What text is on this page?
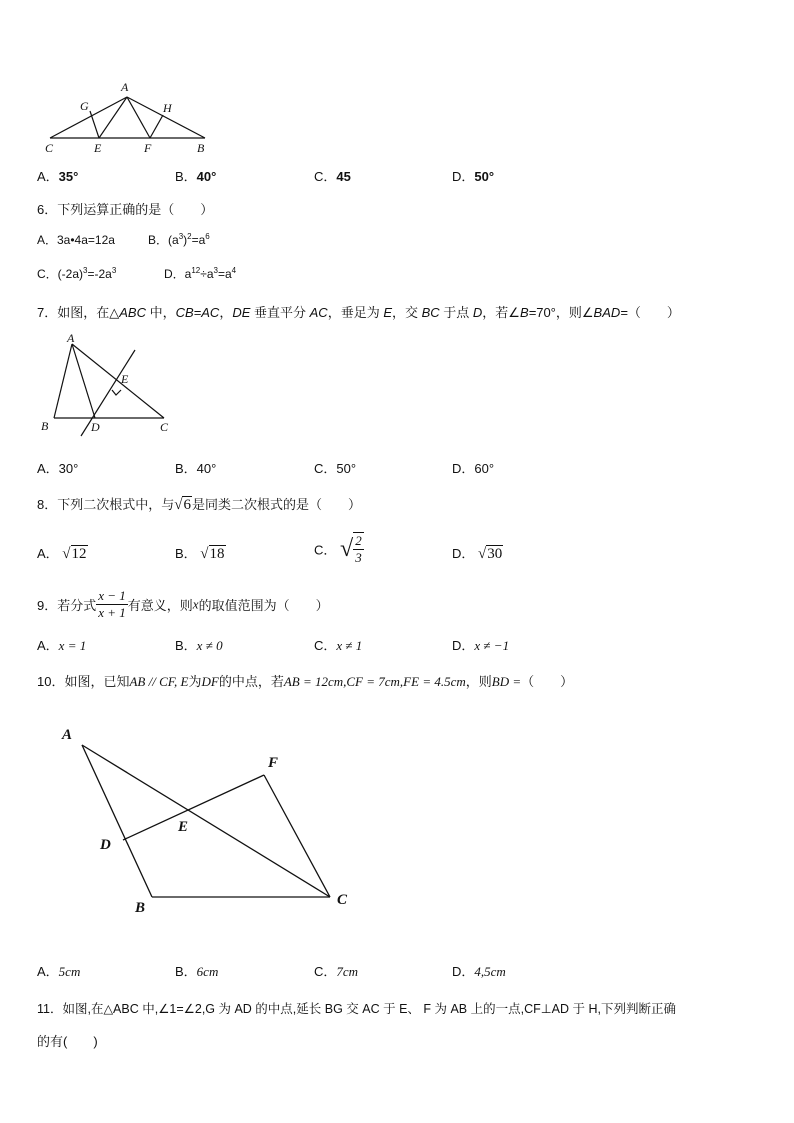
A
G	H
C	E	F	B
A．35°	B．40°	C．45	D．50°
6．下列运算正确的是（　　）
A．3a•4a=12a	B．$(a^3)^2=a^6$
C．$(-2a)^3=-2a^3$	D．$a^{12}\div a^3=a^4$
7．如图，在△ABC 中，CB=AC，DE 垂直平分 AC，垂足为 E，交 BC 于点 D，若∠B=70°，则∠BAD=（　　）
A
E
B	D	C
A．30°	B．40°	C．50°	D．60°
8．下列二次根式中，与√6是同类二次根式的是（　　）
A． √12	B． √18	C． √ $\frac{2}{3}$	D． √30
9．若分式 $\frac{x - 1}{x + 1}$ 有意义，则x的取值范围为（　　）
A．x = 1	B．x ≠ 0	C．x ≠ 1	D．x ≠ −1
10．如图，已知AB // CF, E为DF的中点，若AB = 12cm,CF = 7cm,FE = 4.5cm，则BD =（　　）
A
F
E
D
B	C
A．5cm	B．6cm	C．7cm	D．4,5cm
11．如图,在△ABC 中,∠1=∠2,G 为 AD 的中点,延长 BG 交 AC 于 E、 F 为 AB 上的一点,CF⊥AD 于 H,下列判断正确
的有(　　)
